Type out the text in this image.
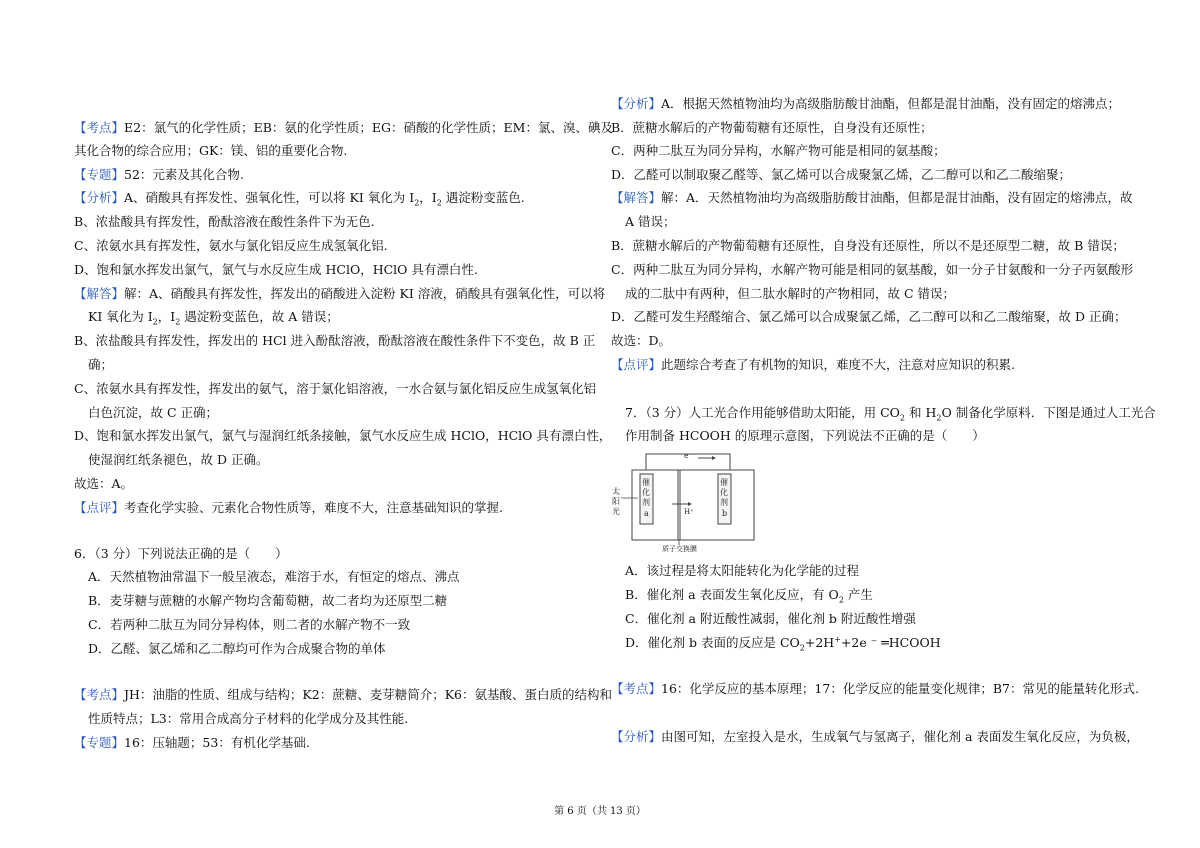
【考点】E2：氯气的化学性质；EB：氨的化学性质；EG：硝酸的化学性质；EM：氯、溴、碘及
其化合物的综合应用；GK：镁、铝的重要化合物.
【专题】52：元素及其化合物.
【分析】A、硝酸具有挥发性、强氧化性，可以将 KI 氧化为 $I_2$，$I_2$ 遇淀粉变蓝色.
B、浓盐酸具有挥发性，酚酞溶液在酸性条件下为无色.
C、浓氨水具有挥发性，氨水与氯化铝反应生成氢氧化铝.
D、饱和氯水挥发出氯气，氯气与水反应生成 HClO，HClO 具有漂白性.
【解答】解：A、硝酸具有挥发性，挥发出的硝酸进入淀粉 KI 溶液，硝酸具有强氧化性，可以将
KI 氧化为 $I_2$，$I_2$ 遇淀粉变蓝色，故 A 错误；
B、浓盐酸具有挥发性，挥发出的 HCl 进入酚酞溶液，酚酞溶液在酸性条件下不变色，故 B 正
确；
C、浓氨水具有挥发性，挥发出的氨气，溶于氯化铝溶液，一水合氨与氯化铝反应生成氢氧化铝
白色沉淀，故 C 正确；
D、饱和氯水挥发出氯气，氯气与湿润红纸条接触，氯气水反应生成 HClO，HClO 具有漂白性，
使湿润红纸条褪色，故 D 正确。
故选：A。
【点评】考查化学实验、元素化合物性质等，难度不大，注意基础知识的掌握.
6．（3 分）下列说法正确的是（　　）
A．天然植物油常温下一般呈液态，难溶于水，有恒定的熔点、沸点
B．麦芽糖与蔗糖的水解产物均含葡萄糖，故二者均为还原型二糖
C．若两种二肽互为同分异构体，则二者的水解产物不一致
D．乙醛、氯乙烯和乙二醇均可作为合成聚合物的单体
【考点】JH：油脂的性质、组成与结构；K2：蔗糖、麦芽糖简介；K6：氨基酸、蛋白质的结构和
性质特点；L3：常用合成高分子材料的化学成分及其性能.
【专题】16：压轴题；53：有机化学基础.
【分析】A．根据天然植物油均为高级脂肪酸甘油酯，但都是混甘油酯，没有固定的熔沸点；
B．蔗糖水解后的产物葡萄糖有还原性，自身没有还原性；
C．两种二肽互为同分异构，水解产物可能是相同的氨基酸；
D．乙醛可以制取聚乙醛等、氯乙烯可以合成聚氯乙烯，乙二醇可以和乙二酸缩聚；
【解答】解：A．天然植物油均为高级脂肪酸甘油酯，但都是混甘油酯，没有固定的熔沸点，故
A 错误；
B．蔗糖水解后的产物葡萄糖有还原性，自身没有还原性，所以不是还原型二糖，故 B 错误；
C．两种二肽互为同分异构，水解产物可能是相同的氨基酸，如一分子甘氨酸和一分子丙氨酸形
成的二肽中有两种，但二肽水解时的产物相同，故 C 错误；
D．乙醛可发生羟醛缩合、氯乙烯可以合成聚氯乙烯，乙二醇可以和乙二酸缩聚，故 D 正确；
故选：D。
【点评】此题综合考查了有机物的知识，难度不大，注意对应知识的积累.
7．（3 分）人工光合作用能够借助太阳能，用 $CO_2$ 和 $H_2O$ 制备化学原料．下图是通过人工光合
作用制备 HCOOH 的原理示意图，下列说法不正确的是（　　）
e⁻
催
化
剂
a
催
化
剂
b
太
阳
光	H⁺
质子交换膜
A．该过程是将太阳能转化为化学能的过程
B．催化剂 a 表面发生氧化反应，有 $O_2$ 产生
C．催化剂 a 附近酸性减弱，催化剂 b 附近酸性增强
D．催化剂 b 表面的反应是 $CO_2+2H^++2e$ ⁻ ═HCOOH
【考点】16：化学反应的基本原理；17：化学反应的能量变化规律；B7：常见的能量转化形式.
【分析】由图可知，左室投入是水，生成氧气与氢离子，催化剂 a 表面发生氧化反应，为负极，
第 6 页（共 13 页）
